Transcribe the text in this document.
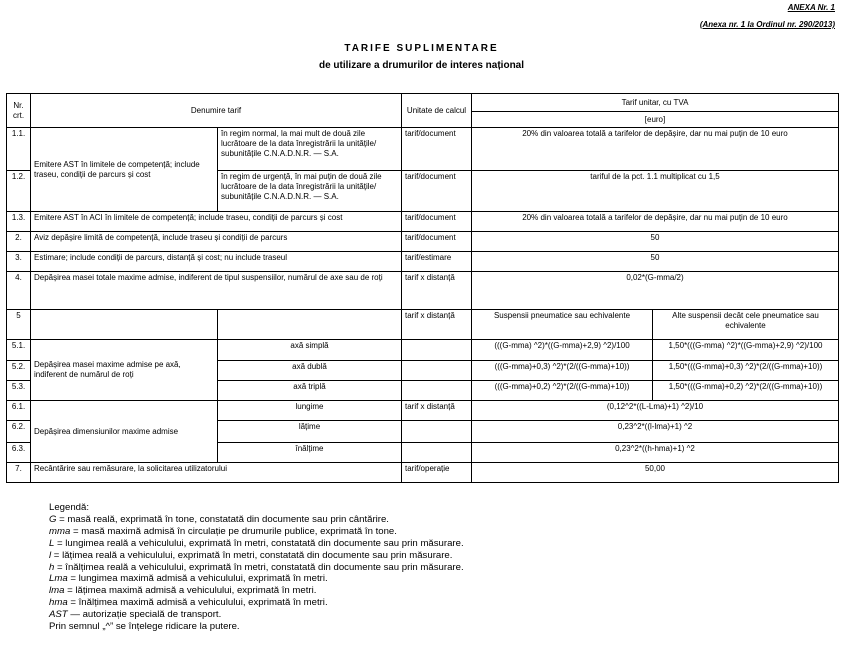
ANEXA Nr. 1
(Anexa nr. 1 la Ordinul nr. 290/2013)
TARIFE SUPLIMENTARE
de utilizare a drumurilor de interes național
Nr. crt.	Denumire tarif		Unitate de calcul	Tarif unitar, cu TVA	
				[euro]	
1.1.	Emitere AST în limitele de competență; include traseu, condiții de parcurs și cost	în regim normal, la mai mult de două zile lucrătoare de la data înregistrării la unitățile/ subunitățile C.N.A.D.N.R. — S.A.	tarif/document	20% din valoarea totală a tarifelor de depășire, dar nu mai puțin de 10 euro	
1.2.		în regim de urgență, în mai puțin de două zile lucrătoare de la data înregistrării la unitățile/ subunitățile C.N.A.D.N.R. — S.A.	tarif/document	tariful de la pct. 1.1 multiplicat cu 1,5	
1.3.	Emitere AST în ACI în limitele de competență; include traseu, condiții de parcurs și cost		tarif/document	20% din valoarea totală a tarifelor de depășire, dar nu mai puțin de 10 euro	
2.	Aviz depășire limită de competență, include traseu și condiții de parcurs		tarif/document	50	
3.	Estimare; include condiții de parcurs, distanță și cost; nu include traseul		tarif/estimare	50	
4.	Depășirea masei totale maxime admise, indiferent de tipul suspensiilor, numărul de axe sau de roți		tarif x distanță	0,02*(G-mma/2)	
5			tarif x distanță	Suspensii pneumatice sau echivalente	Alte suspensii decât cele pneumatice sau echivalente
5.1.	Depășirea masei maxime admise pe axă, indiferent de numărul de roți	axă simplă		(((G-mma) ^2)*((G-mma)+2,9) ^2)/100	1,50*(((G-mma) ^2)*((G-mma)+2,9) ^2)/100
5.2.		axă dublă		(((G-mma)+0,3) ^2)*(2/((G-mma)+10))	1,50*(((G-mma)+0,3) ^2)*(2/((G-mma)+10))
5.3.		axă triplă		(((G-mma)+0,2) ^2)*(2/((G-mma)+10))	1,50*(((G-mma)+0,2) ^2)*(2/((G-mma)+10))
6.1.	Depășirea dimensiunilor maxime admise	lungime	tarif x distanță	(0,12^2*((L-Lma)+1) ^2)/10	
6.2.		lățime		0,23^2*((l-lma)+1) ^2	
6.3.		înălțime		0,23^2*((h-hma)+1) ^2	
7.	Recântărire sau remăsurare, la solicitarea utilizatorului		tarif/operație	50,00	
Legendă:
G = masă reală, exprimată în tone, constatată din documente sau prin cântărire.
mma = masă maximă admisă în circulație pe drumurile publice, exprimată în tone.
L = lungimea reală a vehiculului, exprimată în metri, constatată din documente sau prin măsurare.
l = lățimea reală a vehiculului, exprimată în metri, constatată din documente sau prin măsurare.
h = înălțimea reală a vehiculului, exprimată în metri, constatată din documente sau prin măsurare.
Lma = lungimea maximă admisă a vehiculului, exprimată în metri.
lma = lățimea maximă admisă a vehiculului, exprimată în metri.
hma = înălțimea maximă admisă a vehiculului, exprimată în metri.
AST — autorizație specială de transport.
Prin semnul „^” se înțelege ridicare la putere.
